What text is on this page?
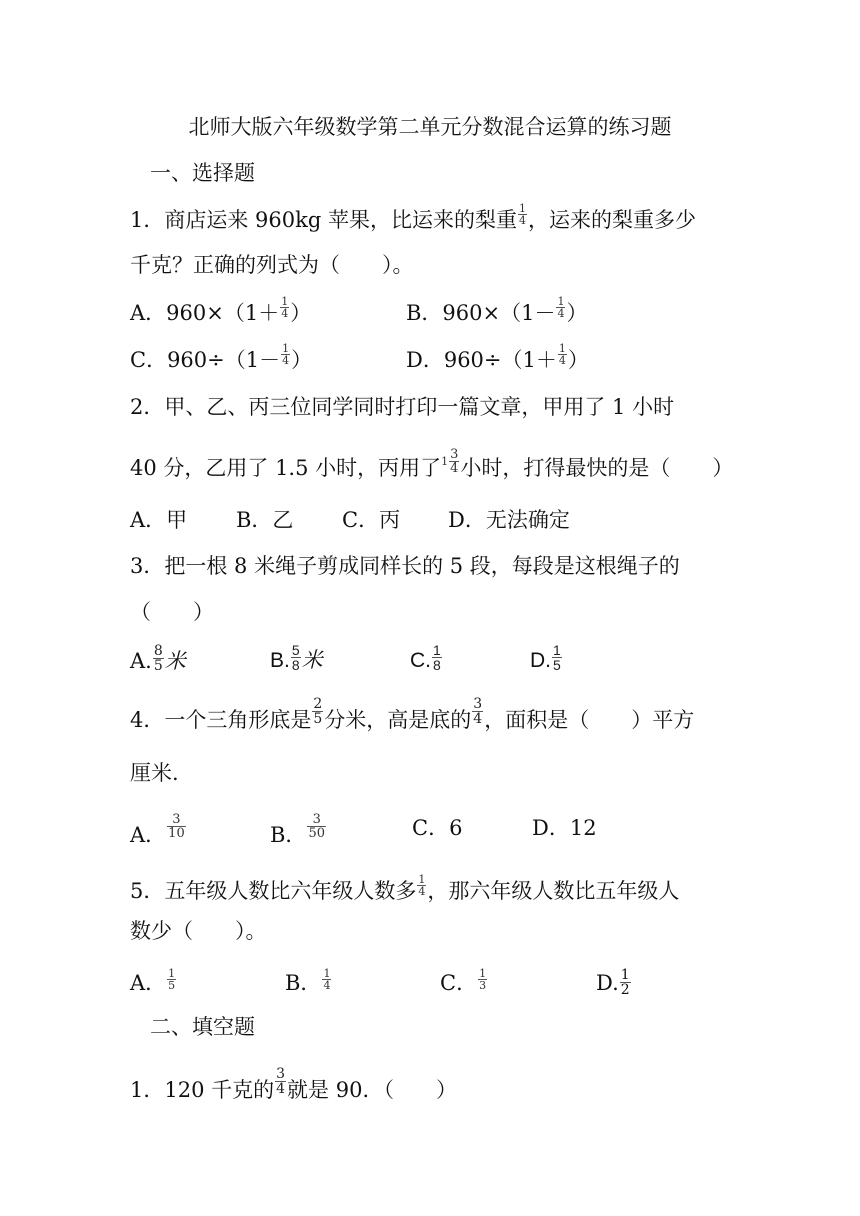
北师大版六年级数学第二单元分数混合运算的练习题
一、选择题
1．商店运来 960kg 苹果，比运来的梨重 $\frac{1}{4}$ ，运来的梨重多少
千克？正确的列式为（　　）。
A．$960\times(1+ \frac{1}{4}$ ）	B．$960\times(1- \frac{1}{4}$ ）
C．$960\div(1- \frac{1}{4}$ ）	D．$960\div(1+ \frac{1}{4}$ ）
2．甲、乙、丙三位同学同时打印一篇文章，甲用了 1 小时
40 分，乙用了 1.5 小时，丙用了 1 3
4 小时，打得最快的是（　　）
A．甲 B．乙 C．丙 D．无法确定
3．把一根 8 米绳子剪成同样长的 5 段，每段是这根绳子的
（　　）
A. $\frac{8}{5}$ 米	B. $\frac{5}{8}$ 米	C. $\frac{1}{8}$	D. $\frac{1}{5}$
4．一个三角形底是 $\frac{2}{5}$ 分米，高是底的 $\frac{3}{4}$ ，面积是（　　）平方
厘米.
A． $\frac{3}{10}$	B． $\frac{3}{50}$	C．6	D．12
5．五年级人数比六年级人数多 $\frac{1}{4}$ ，那六年级人数比五年级人
数少（　　）。
A． $\frac{1}{5}$	B． $\frac{1}{4}$	C． $\frac{1}{3}$	D. $\frac{1}{2}$
二、填空题
1．120 千克的 $\frac{3}{4}$ 就是 90．（　　）
